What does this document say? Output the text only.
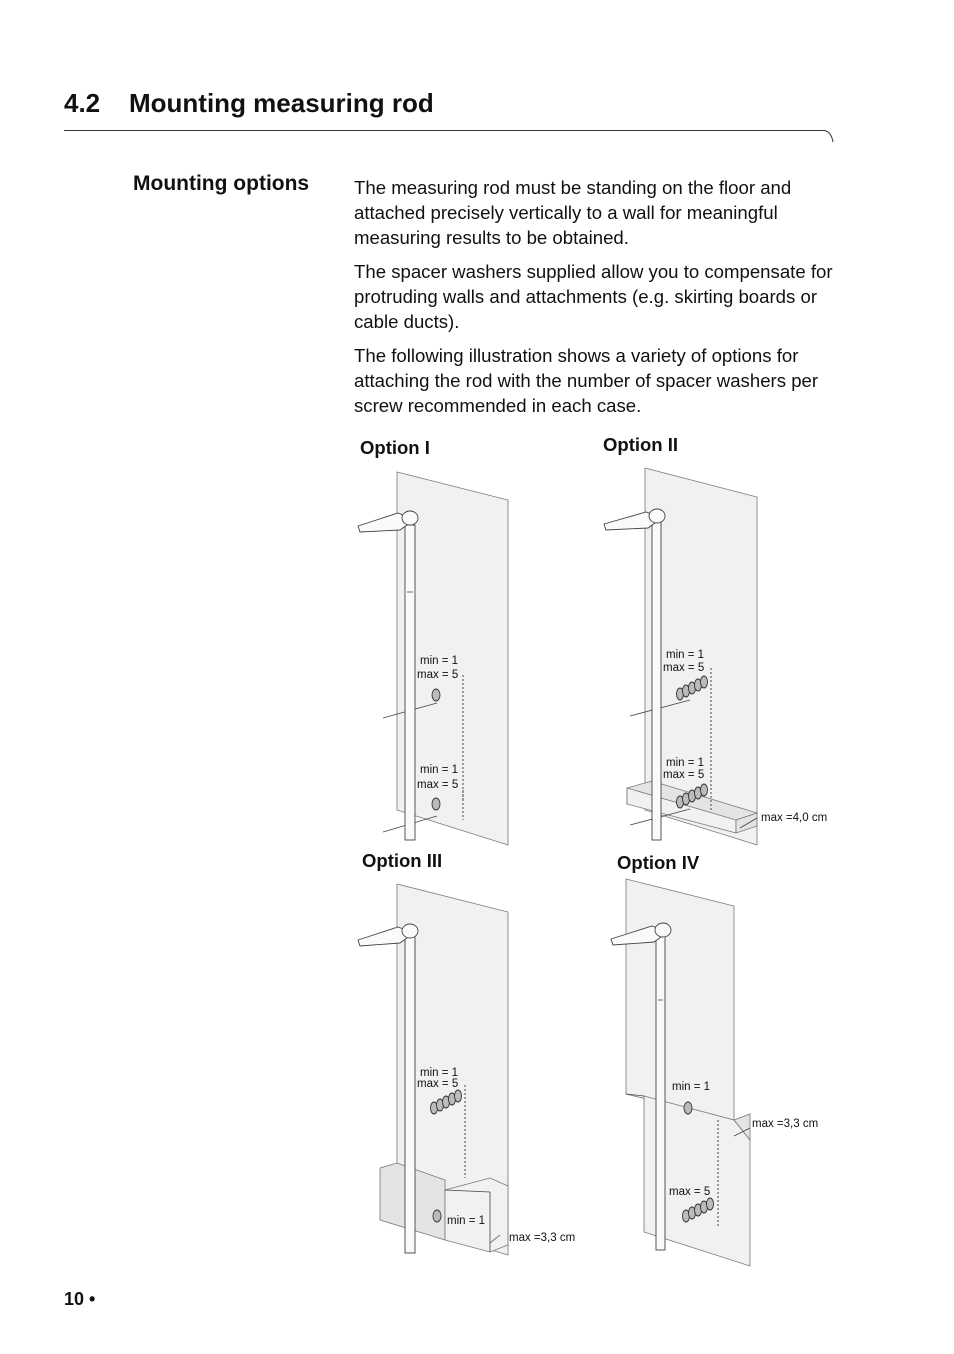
4.2 Mounting measuring rod
Mounting options The measuring rod must be standing on the floor and attached precisely vertically to a wall for meaningful measuring results to be obtained.

The spacer washers supplied allow you to compensate for protruding walls and attachments (e.g. skirting boards or cable ducts).

The following illustration shows a variety of options for attaching the rod with the number of spacer washers per screw recommended in each case.

Option I	Option II
Option III	Option IV
min = 1
max = 5
min = 1
max = 5
min = 1
max = 5
min = 1
max = 5
max =4,0 cm
min = 1
max = 5
min = 1
max =3,3 cm
min = 1
max =3,3 cm
max = 5
10 •
